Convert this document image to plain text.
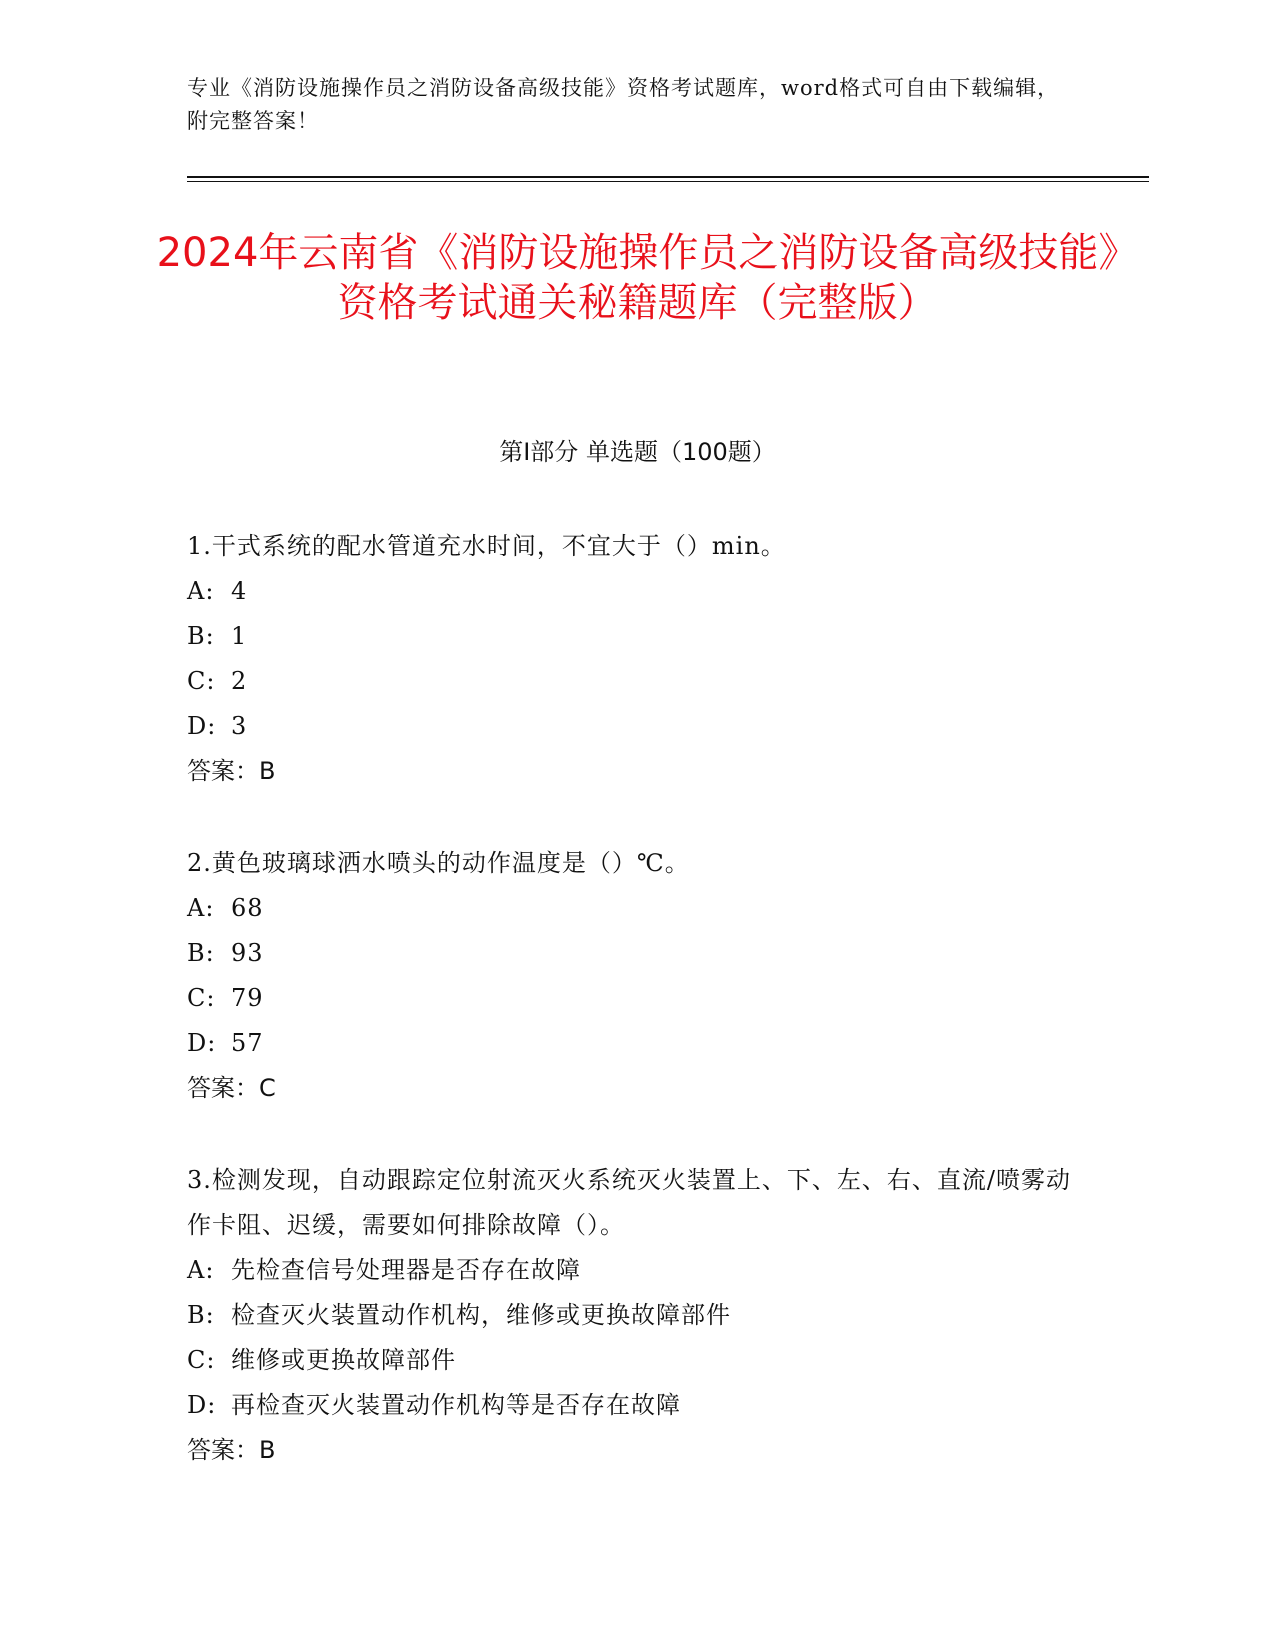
专业《消防设施操作员之消防设备高级技能》资格考试题库，word格式可自由下载编辑，附完整答案！
2024年云南省《消防设施操作员之消防设备高级技能》资格考试通关秘籍题库（完整版）
第Ⅰ部分 单选题（100题）
1.干式系统的配水管道充水时间，不宜大于（）min。
A: 4
B: 1
C: 2
D: 3
答案：B
2.黄色玻璃球洒水喷头的动作温度是（）℃。
A: 68
B: 93
C: 79
D: 57
答案：C
3.检测发现，自动跟踪定位射流灭火系统灭火装置上、下、左、右、直流/喷雾动作卡阻、迟缓，需要如何排除故障（）。
A: 先检查信号处理器是否存在故障
B: 检查灭火装置动作机构，维修或更换故障部件
C: 维修或更换故障部件
D: 再检查灭火装置动作机构等是否存在故障
答案：B
